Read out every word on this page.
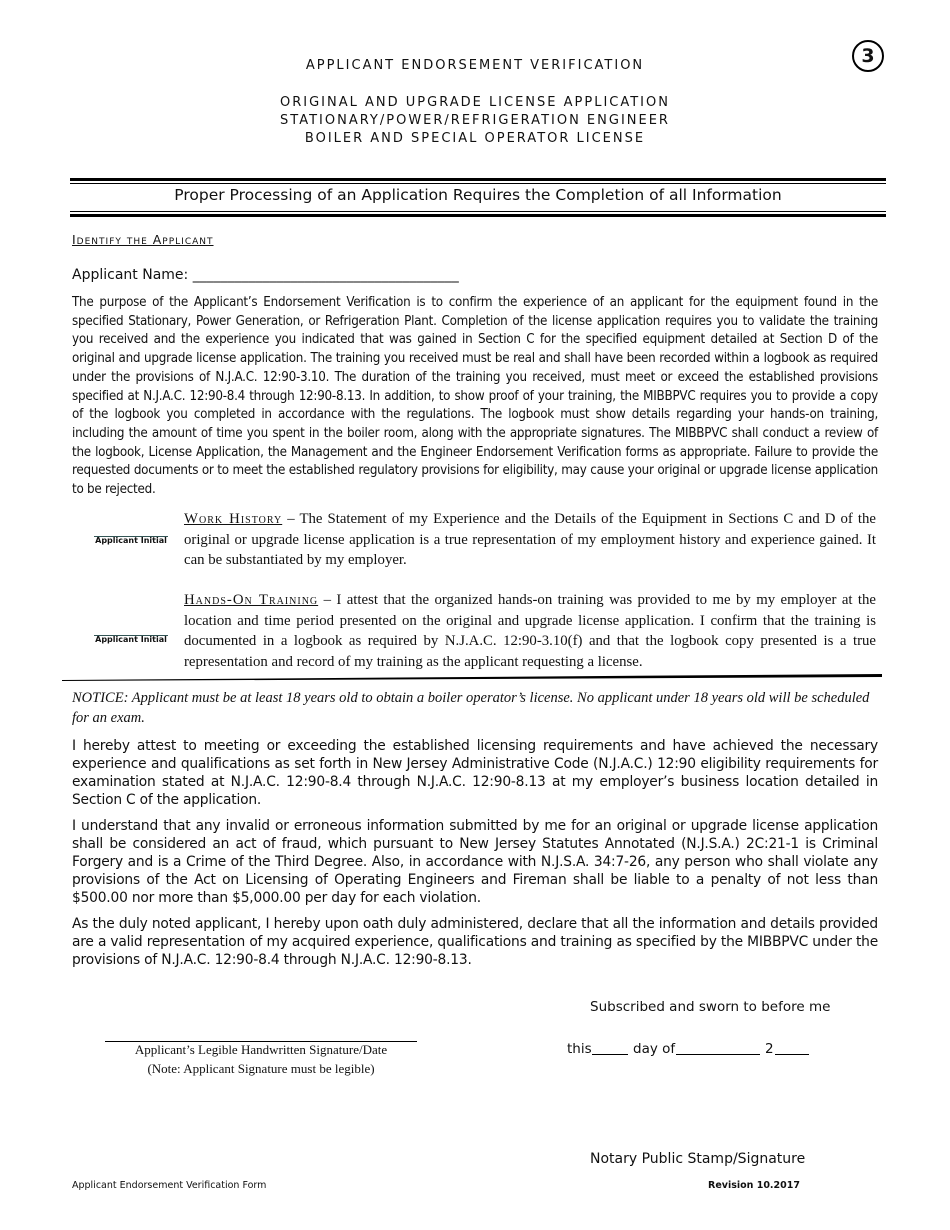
APPLICANT ENDORSEMENT VERIFICATION	3
ORIGINAL AND UPGRADE LICENSE APPLICATION
STATIONARY/POWER/REFRIGERATION ENGINEER
BOILER AND SPECIAL OPERATOR LICENSE
Proper Processing of an Application Requires the Completion of all Information
Identify the Applicant
Applicant Name: ______________________________________
The purpose of the Applicant’s Endorsement Verification is to confirm the experience of an applicant for the equipment found in the specified Stationary, Power Generation, or Refrigeration Plant. Completion of the license application requires you to validate the training you received and the experience you indicated that was gained in Section C for the specified equipment detailed at Section D of the original and upgrade license application. The training you received must be real and shall have been recorded within a logbook as required under the provisions of N.J.A.C. 12:90-3.10. The duration of the training you received, must meet or exceed the established provisions specified at N.J.A.C. 12:90-8.4 through 12:90-8.13. In addition, to show proof of your training, the MIBBPVC requires you to provide a copy of the logbook you completed in accordance with the regulations. The logbook must show details regarding your hands-on training, including the amount of time you spent in the boiler room, along with the appropriate signatures. The MIBBPVC shall conduct a review of the logbook, License Application, the Management and the Engineer Endorsement Verification forms as appropriate. Failure to provide the requested documents or to meet the established regulatory provisions for eligibility, may cause your original or upgrade license application to be rejected.
Applicant Initial
Work History – The Statement of my Experience and the Details of the Equipment in Sections C and D of the original or upgrade license application is a true representation of my employment history and experience gained. It can be substantiated by my employer.
Applicant Initial
Hands-On Training – I attest that the organized hands-on training was provided to me by my employer at the location and time period presented on the original and upgrade license application. I confirm that the training is documented in a logbook as required by N.J.A.C. 12:90-3.10(f) and that the logbook copy presented is a true representation and record of my training as the applicant requesting a license.
NOTICE: Applicant must be at least 18 years old to obtain a boiler operator’s license. No applicant under 18 years old will be scheduled for an exam.
I hereby attest to meeting or exceeding the established licensing requirements and have achieved the necessary experience and qualifications as set forth in New Jersey Administrative Code (N.J.A.C.) 12:90 eligibility requirements for examination stated at N.J.A.C. 12:90-8.4 through N.J.A.C. 12:90-8.13 at my employer’s business location detailed in Section C of the application.
I understand that any invalid or erroneous information submitted by me for an original or upgrade license application shall be considered an act of fraud, which pursuant to New Jersey Statutes Annotated (N.J.S.A.) 2C:21-1 is Criminal Forgery and is a Crime of the Third Degree. Also, in accordance with N.J.S.A. 34:7-26, any person who shall violate any provisions of the Act on Licensing of Operating Engineers and Fireman shall be liable to a penalty of not less than $500.00 nor more than $5,000.00 per day for each violation.
As the duly noted applicant, I hereby upon oath duly administered, declare that all the information and details provided are a valid representation of my acquired experience, qualifications and training as specified by the MIBBPVC under the provisions of N.J.A.C. 12:90-8.4 through N.J.A.C. 12:90-8.13.
Subscribed and sworn to before me
Applicant’s Legible Handwritten Signature/Date
(Note: Applicant Signature must be legible)
this	day of	2
Notary Public Stamp/Signature
Applicant Endorsement Verification Form	Revision 10.2017
